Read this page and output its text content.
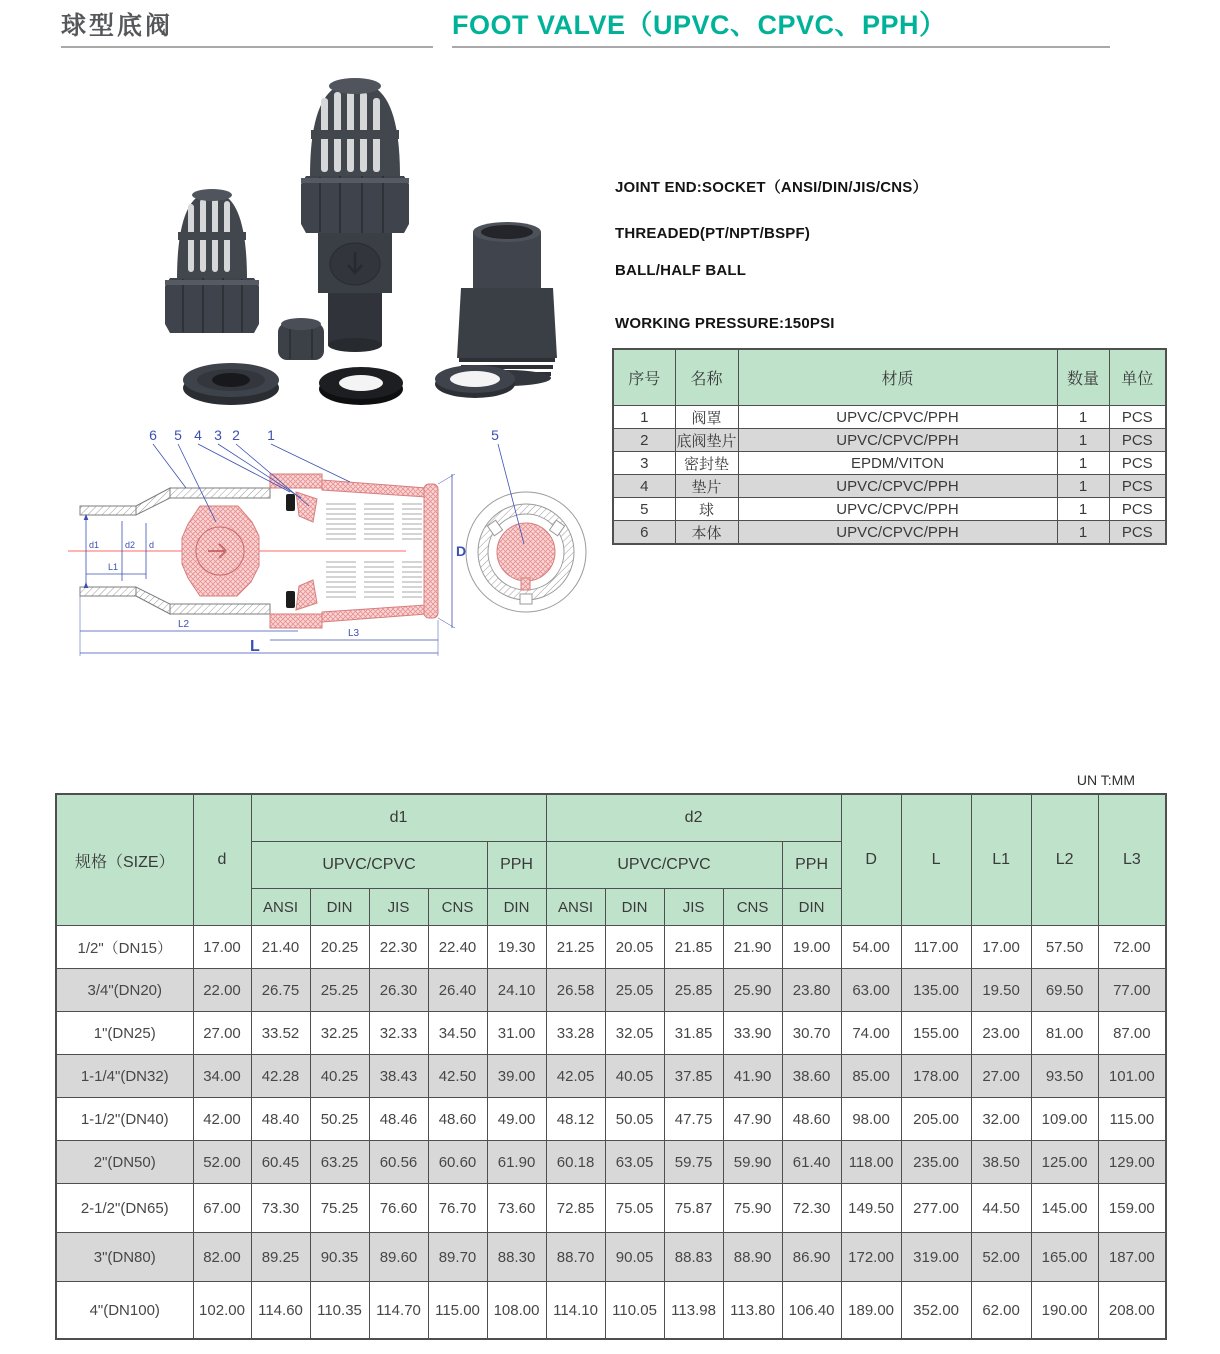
球型底阀	FOOT VALVE（UPVC、CPVC、PPH）
JOINT END:SOCKET（ANSI/DIN/JIS/CNS）
THREADED(PT/NPT/BSPF)
BALL/HALF BALL
WORKING PRESSURE:150PSI
序号	名称	材质	数量	单位
1	阀罩	UPVC/CPVC/PPH	1	PCS
2	底阀垫片	UPVC/CPVC/PPH	1	PCS
3	密封垫	EPDM/VITON	1	PCS
4	垫片	UPVC/CPVC/PPH	1	PCS
5	球	UPVC/CPVC/PPH	1	PCS
6	本体	UPVC/CPVC/PPH	1	PCS
6 5 4 3 2 1
d1	d2 d
L1
L2
L3
L
D
5
UN T:MM
规格（SIZE）	d	d1					d2					D	L	L1	L2	L3
		UPVC/CPVC				PPH	UPVC/CPVC				PPH					
		ANSI	DIN	JIS	CNS	DIN	ANSI	DIN	JIS	CNS	DIN					
1/2"（DN15）	17.00	21.40	20.25	22.30	22.40	19.30	21.25	20.05	21.85	21.90	19.00	54.00	117.00	17.00	57.50	72.00
3/4"(DN20)	22.00	26.75	25.25	26.30	26.40	24.10	26.58	25.05	25.85	25.90	23.80	63.00	135.00	19.50	69.50	77.00
1"(DN25)	27.00	33.52	32.25	32.33	34.50	31.00	33.28	32.05	31.85	33.90	30.70	74.00	155.00	23.00	81.00	87.00
1-1/4"(DN32)	34.00	42.28	40.25	38.43	42.50	39.00	42.05	40.05	37.85	41.90	38.60	85.00	178.00	27.00	93.50	101.00
1-1/2"(DN40)	42.00	48.40	50.25	48.46	48.60	49.00	48.12	50.05	47.75	47.90	48.60	98.00	205.00	32.00	109.00	115.00
2"(DN50)	52.00	60.45	63.25	60.56	60.60	61.90	60.18	63.05	59.75	59.90	61.40	118.00	235.00	38.50	125.00	129.00
2-1/2"(DN65)	67.00	73.30	75.25	76.60	76.70	73.60	72.85	75.05	75.87	75.90	72.30	149.50	277.00	44.50	145.00	159.00
3"(DN80)	82.00	89.25	90.35	89.60	89.70	88.30	88.70	90.05	88.83	88.90	86.90	172.00	319.00	52.00	165.00	187.00
4"(DN100)	102.00	114.60	110.35	114.70	115.00	108.00	114.10	110.05	113.98	113.80	106.40	189.00	352.00	62.00	190.00	208.00
